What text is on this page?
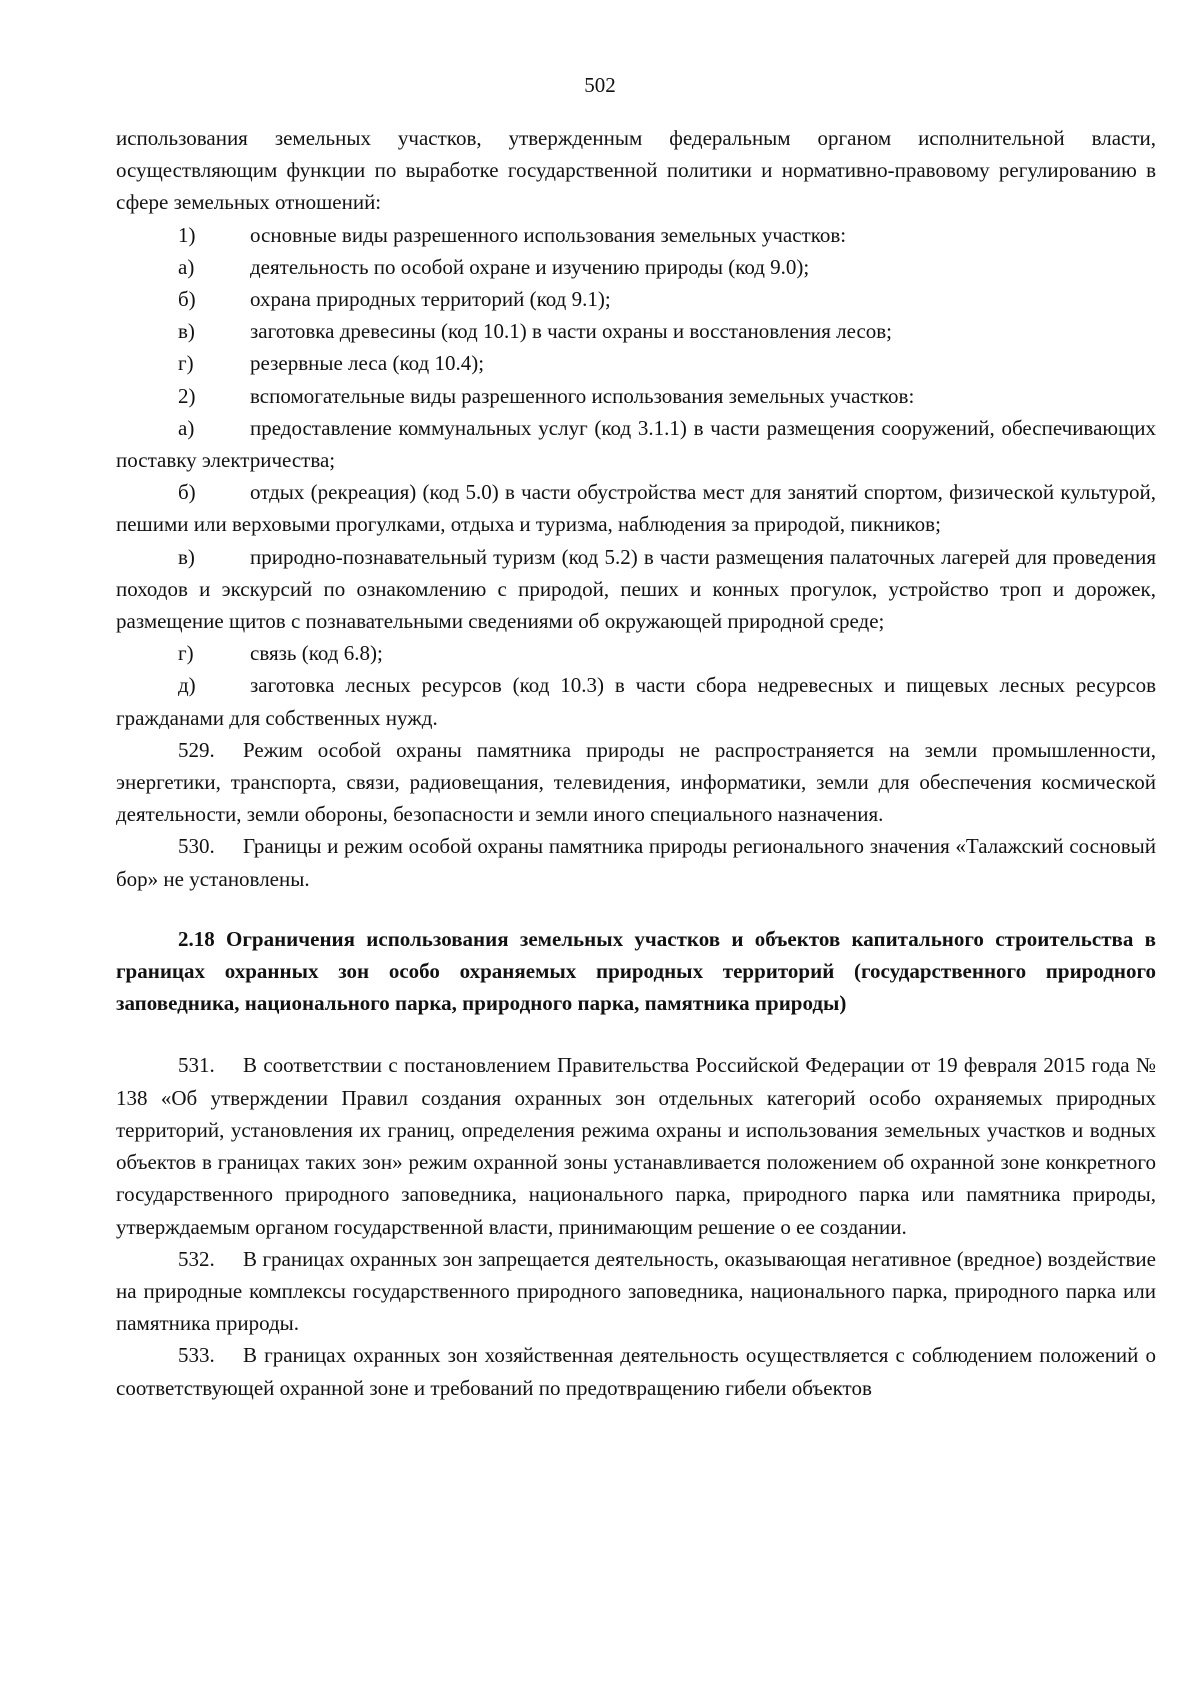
502

использования земельных участков, утвержденным федеральным органом исполнительной власти, осуществляющим функции по выработке государственной политики и нормативно-правовому регулированию в сфере земельных отношений:

1)	основные виды разрешенного использования земельных участков:

а)	деятельность по особой охране и изучению природы (код 9.0);

б)	охрана природных территорий (код 9.1);

в)	заготовка древесины (код 10.1) в части охраны и восстановления лесов;

г)	резервные леса (код 10.4);

2)	вспомогательные виды разрешенного использования земельных участков:

а)	предоставление коммунальных услуг (код 3.1.1) в части размещения сооружений, обеспечивающих поставку электричества;

б)	отдых (рекреация) (код 5.0) в части обустройства мест для занятий спортом, физической культурой, пешими или верховыми прогулками, отдыха и туризма, наблюдения за природой, пикников;

в)	природно-познавательный туризм (код 5.2) в части размещения палаточных лагерей для проведения походов и экскурсий по ознакомлению с природой, пеших и конных прогулок, устройство троп и дорожек, размещение щитов с познавательными сведениями об окружающей природной среде;

г)	связь (код 6.8);

д)	заготовка лесных ресурсов (код 10.3) в части сбора недревесных и пищевых лесных ресурсов гражданами для собственных нужд.

529. Режим особой охраны памятника природы не распространяется на земли промышленности, энергетики, транспорта, связи, радиовещания, телевидения, информатики, земли для обеспечения космической деятельности, земли обороны, безопасности и земли иного специального назначения.

530. Границы и режим особой охраны памятника природы регионального значения «Талажский сосновый бор» не установлены.

2.18 Ограничения использования земельных участков и объектов капитального строительства в границах охранных зон особо охраняемых природных территорий (государственного природного заповедника, национального парка, природного парка, памятника природы)

531. В соответствии с постановлением Правительства Российской Федерации от 19 февраля 2015 года № 138 «Об утверждении Правил создания охранных зон отдельных категорий особо охраняемых природных территорий, установления их границ, определения режима охраны и использования земельных участков и водных объектов в границах таких зон» режим охранной зоны устанавливается положением об охранной зоне конкретного государственного природного заповедника, национального парка, природного парка или памятника природы, утверждаемым органом государственной власти, принимающим решение о ее создании.

532. В границах охранных зон запрещается деятельность, оказывающая негативное (вредное) воздействие на природные комплексы государственного природного заповедника, национального парка, природного парка или памятника природы.

533. В границах охранных зон хозяйственная деятельность осуществляется с соблюдением положений о соответствующей охранной зоне и требований по предотвращению гибели объектов
